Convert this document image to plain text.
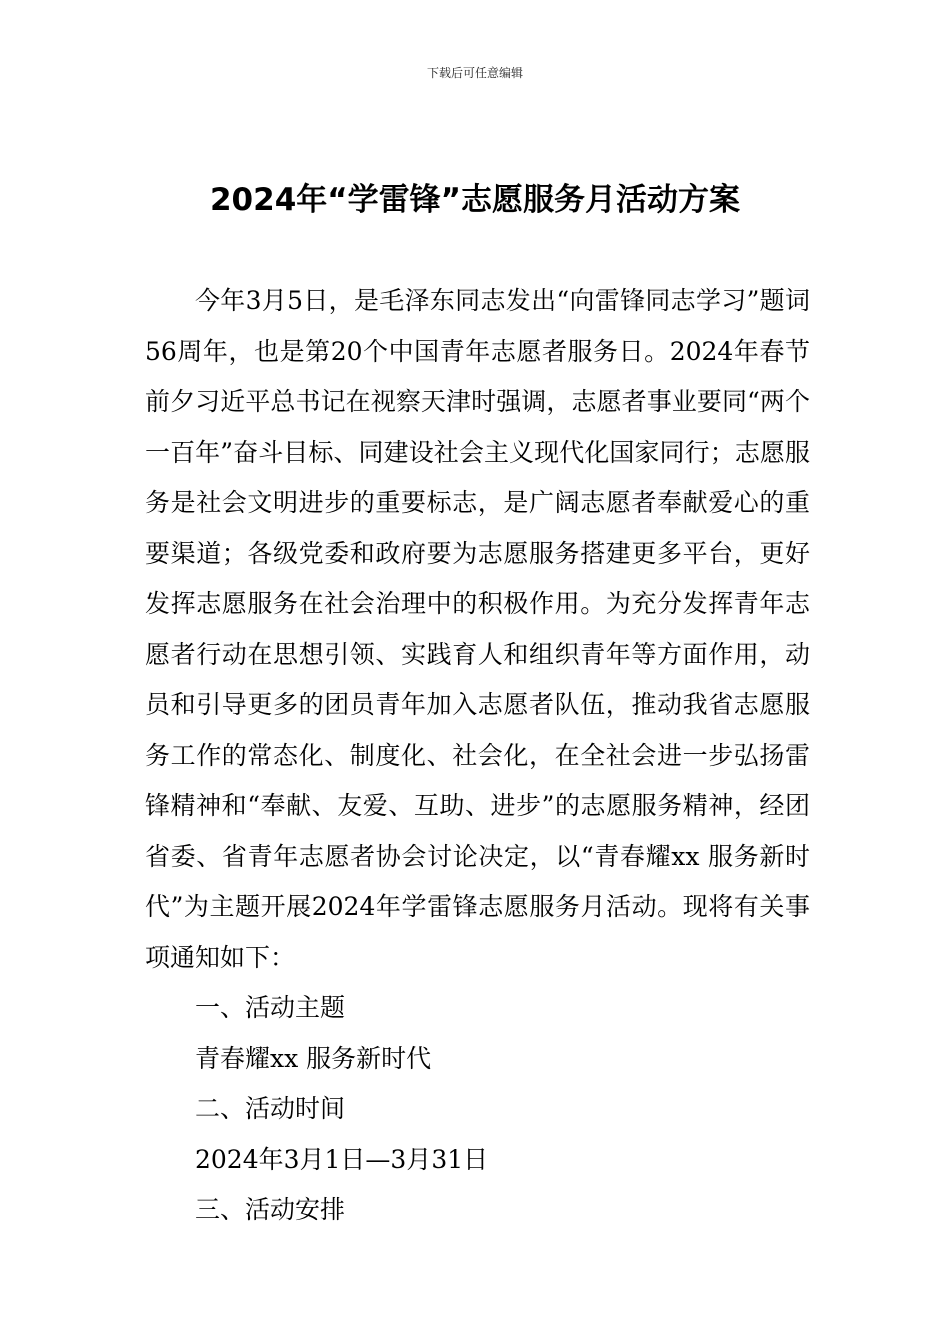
下载后可任意编辑
2024年“学雷锋”志愿服务月活动方案

今年3月5日，是毛泽东同志发出“向雷锋同志学习”题词56周年，也是第20个中国青年志愿者服务日。2024年春节前夕习近平总书记在视察天津时强调，志愿者事业要同“两个一百年”奋斗目标、同建设社会主义现代化国家同行；志愿服务是社会文明进步的重要标志，是广阔志愿者奉献爱心的重要渠道；各级党委和政府要为志愿服务搭建更多平台，更好发挥志愿服务在社会治理中的积极作用。为充分发挥青年志愿者行动在思想引领、实践育人和组织青年等方面作用，动员和引导更多的团员青年加入志愿者队伍，推动我省志愿服务工作的常态化、制度化、社会化，在全社会进一步弘扬雷锋精神和“奉献、友爱、互助、进步”的志愿服务精神，经团省委、省青年志愿者协会讨论决定，以“青春耀xx 服务新时代”为主题开展2024年学雷锋志愿服务月活动。现将有关事项通知如下：

一、活动主题

青春耀xx 服务新时代

二、活动时间

2024年3月1日—3月31日

三、活动安排
